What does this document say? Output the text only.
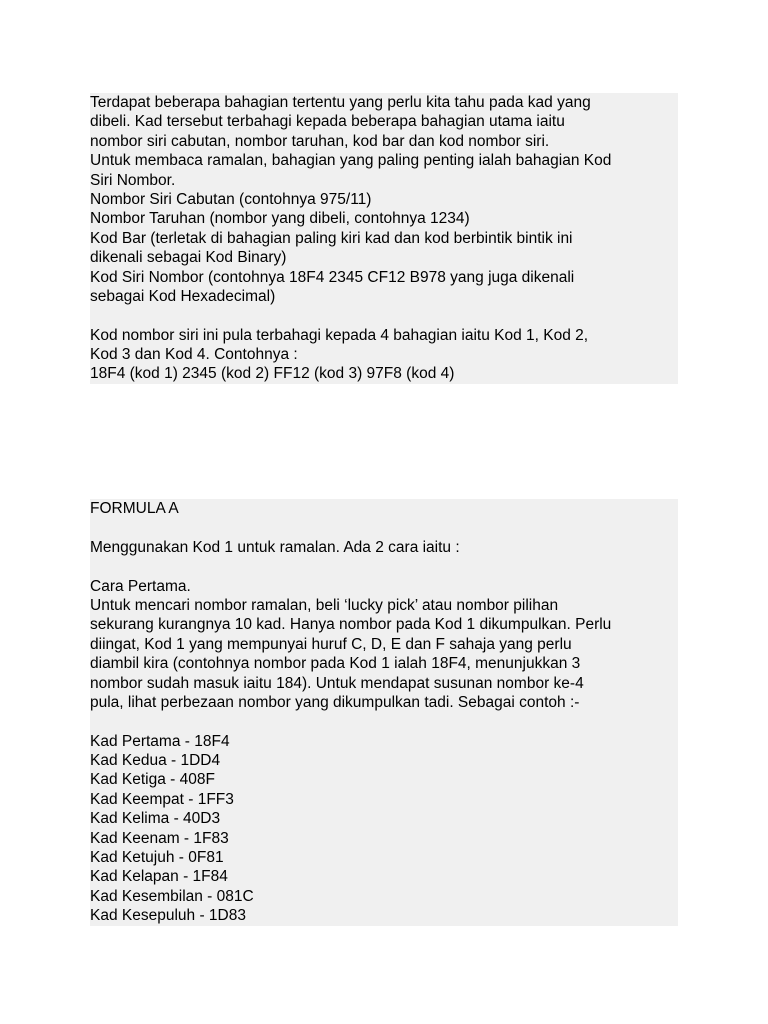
Terdapat beberapa bahagian tertentu yang perlu kita tahu pada kad yang
dibeli. Kad tersebut terbahagi kepada beberapa bahagian utama iaitu
nombor siri cabutan, nombor taruhan, kod bar dan kod nombor siri.
Untuk membaca ramalan, bahagian yang paling penting ialah bahagian Kod
Siri Nombor.
Nombor Siri Cabutan (contohnya 975/11)
Nombor Taruhan (nombor yang dibeli, contohnya 1234)
Kod Bar (terletak di bahagian paling kiri kad dan kod berbintik bintik ini
dikenali sebagai Kod Binary)
Kod Siri Nombor (contohnya 18F4 2345 CF12 B978 yang juga dikenali
sebagai Kod Hexadecimal)
Kod nombor siri ini pula terbahagi kepada 4 bahagian iaitu Kod 1, Kod 2,
Kod 3 dan Kod 4. Contohnya :
18F4 (kod 1) 2345 (kod 2) FF12 (kod 3) 97F8 (kod 4)
FORMULA A
Menggunakan Kod 1 untuk ramalan. Ada 2 cara iaitu :
Cara Pertama.
Untuk mencari nombor ramalan, beli ‘lucky pick’ atau nombor pilihan
sekurang kurangnya 10 kad. Hanya nombor pada Kod 1 dikumpulkan. Perlu
diingat, Kod 1 yang mempunyai huruf C, D, E dan F sahaja yang perlu
diambil kira (contohnya nombor pada Kod 1 ialah 18F4, menunjukkan 3
nombor sudah masuk iaitu 184). Untuk mendapat susunan nombor ke-4
pula, lihat perbezaan nombor yang dikumpulkan tadi. Sebagai contoh :-
Kad Pertama - 18F4
Kad Kedua - 1DD4
Kad Ketiga - 408F
Kad Keempat - 1FF3
Kad Kelima - 40D3
Kad Keenam - 1F83
Kad Ketujuh - 0F81
Kad Kelapan - 1F84
Kad Kesembilan - 081C
Kad Kesepuluh - 1D83
